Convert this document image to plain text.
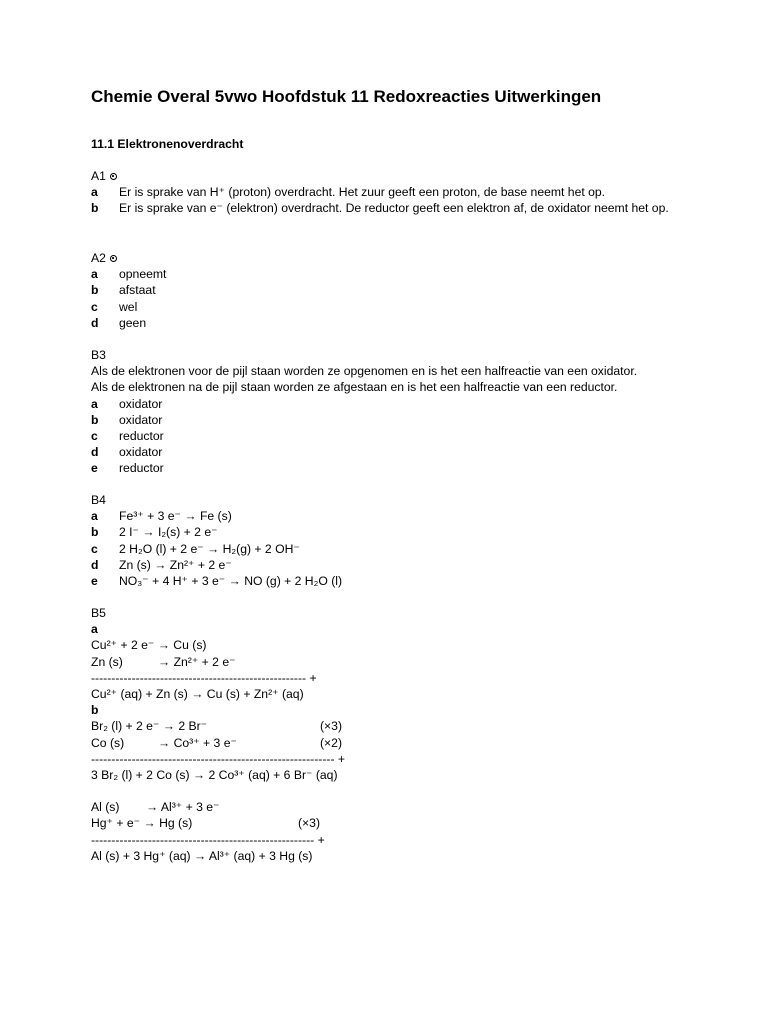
Chemie Overal 5vwo Hoofdstuk 11 Redoxreacties Uitwerkingen
11.1 Elektronenoverdracht
A1
a	Er is sprake van H⁺ (proton) overdracht. Het zuur geeft een proton, de base neemt het op.
b	Er is sprake van e⁻ (elektron) overdracht. De reductor geeft een elektron af, de oxidator neemt het op.
A2
a	opneemt
b	afstaat
c	wel
d	geen
B3
Als de elektronen voor de pijl staan worden ze opgenomen en is het een halfreactie van een oxidator.
Als de elektronen na de pijl staan worden ze afgestaan en is het een halfreactie van een reductor.
a	oxidator
b	oxidator
c	reductor
d	oxidator
e	reductor
B4
a	Fe³⁺ + 3 e⁻ → Fe (s)
b	2 I⁻ → I₂(s) + 2 e⁻
c	2 H₂O (l) + 2 e⁻ → H₂(g) + 2 OH⁻
d	Zn (s) → Zn²⁺ + 2 e⁻
e	NO₃⁻ + 4 H⁺ + 3 e⁻ → NO (g) + 2 H₂O (l)
B5
a
Cu²⁺ + 2 e⁻ → Cu (s)
Zn (s)	→ Zn²⁺ + 2 e⁻
----------------------------------------------------- +
Cu²⁺ (aq) + Zn (s) → Cu (s) + Zn²⁺ (aq)
b
Br₂ (l) + 2 e⁻ → 2 Br⁻	(×3)
Co (s)	→ Co³⁺ + 3 e⁻	(×2)
------------------------------------------------------------ +
3 Br₂ (l) + 2 Co (s) → 2 Co³⁺ (aq) + 6 Br⁻ (aq)
Al (s) → Al³⁺ + 3 e⁻
Hg⁺ + e⁻ → Hg (s)	(×3)
------------------------------------------------------- +
Al (s) + 3 Hg⁺ (aq) → Al³⁺ (aq) + 3 Hg (s)
